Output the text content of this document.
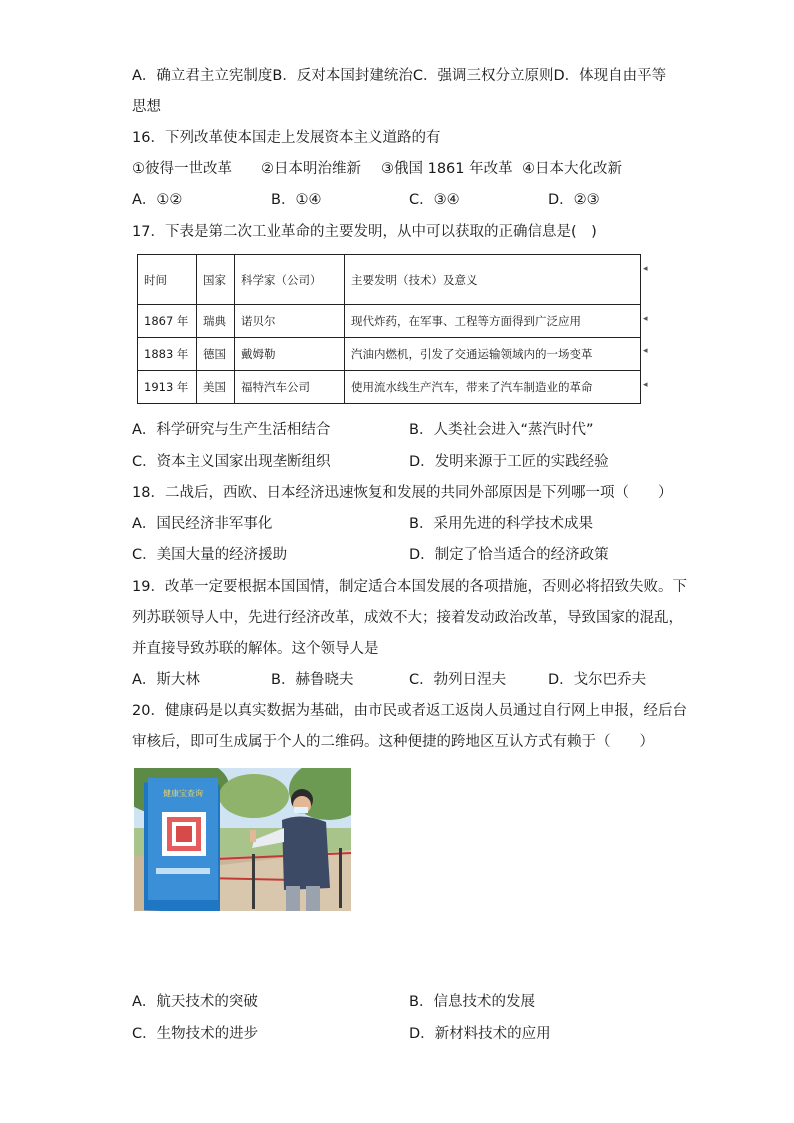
A．确立君主立宪制度B．反对本国封建统治C．强调三权分立原则D．体现自由平等
思想
16．下列改革使本国走上发展资本主义道路的有
①彼得一世改革 ②日本明治维新 ③俄国 1861 年改革 ④日本大化改新
A．①②	B．①④	C．③④	D．②③
17．下表是第二次工业革命的主要发明，从中可以获取的正确信息是(　)
时间	国家	科学家（公司）	主要发明（技术）及意义
1867 年	瑞典	诺贝尔	现代炸药，在军事、工程等方面得到广泛应用
1883 年	德国	戴姆勒	汽油内燃机，引发了交通运输领域内的一场变革
1913 年	美国	福特汽车公司	使用流水线生产汽车，带来了汽车制造业的革命
◂
◂
◂
◂
A．科学研究与生产生活相结合	B．人类社会进入“蒸汽时代”
C．资本主义国家出现垄断组织	D．发明来源于工匠的实践经验
18．二战后，西欧、日本经济迅速恢复和发展的共同外部原因是下列哪一项（　　）
A．国民经济非军事化	B．采用先进的科学技术成果
C．美国大量的经济援助	D．制定了恰当适合的经济政策
19．改革一定要根据本国国情，制定适合本国发展的各项措施，否则必将招致失败。下
列苏联领导人中，先进行经济改革，成效不大；接着发动政治改革，导致国家的混乱，
并直接导致苏联的解体。这个领导人是
A．斯大林	B．赫鲁晓夫	C．勃列日涅夫	D．戈尔巴乔夫
20．健康码是以真实数据为基础，由市民或者返工返岗人员通过自行网上申报，经后台
审核后，即可生成属于个人的二维码。这种便捷的跨地区互认方式有赖于（　　）
健康宝查询
A．航天技术的突破	B．信息技术的发展
C．生物技术的进步	D．新材料技术的应用
